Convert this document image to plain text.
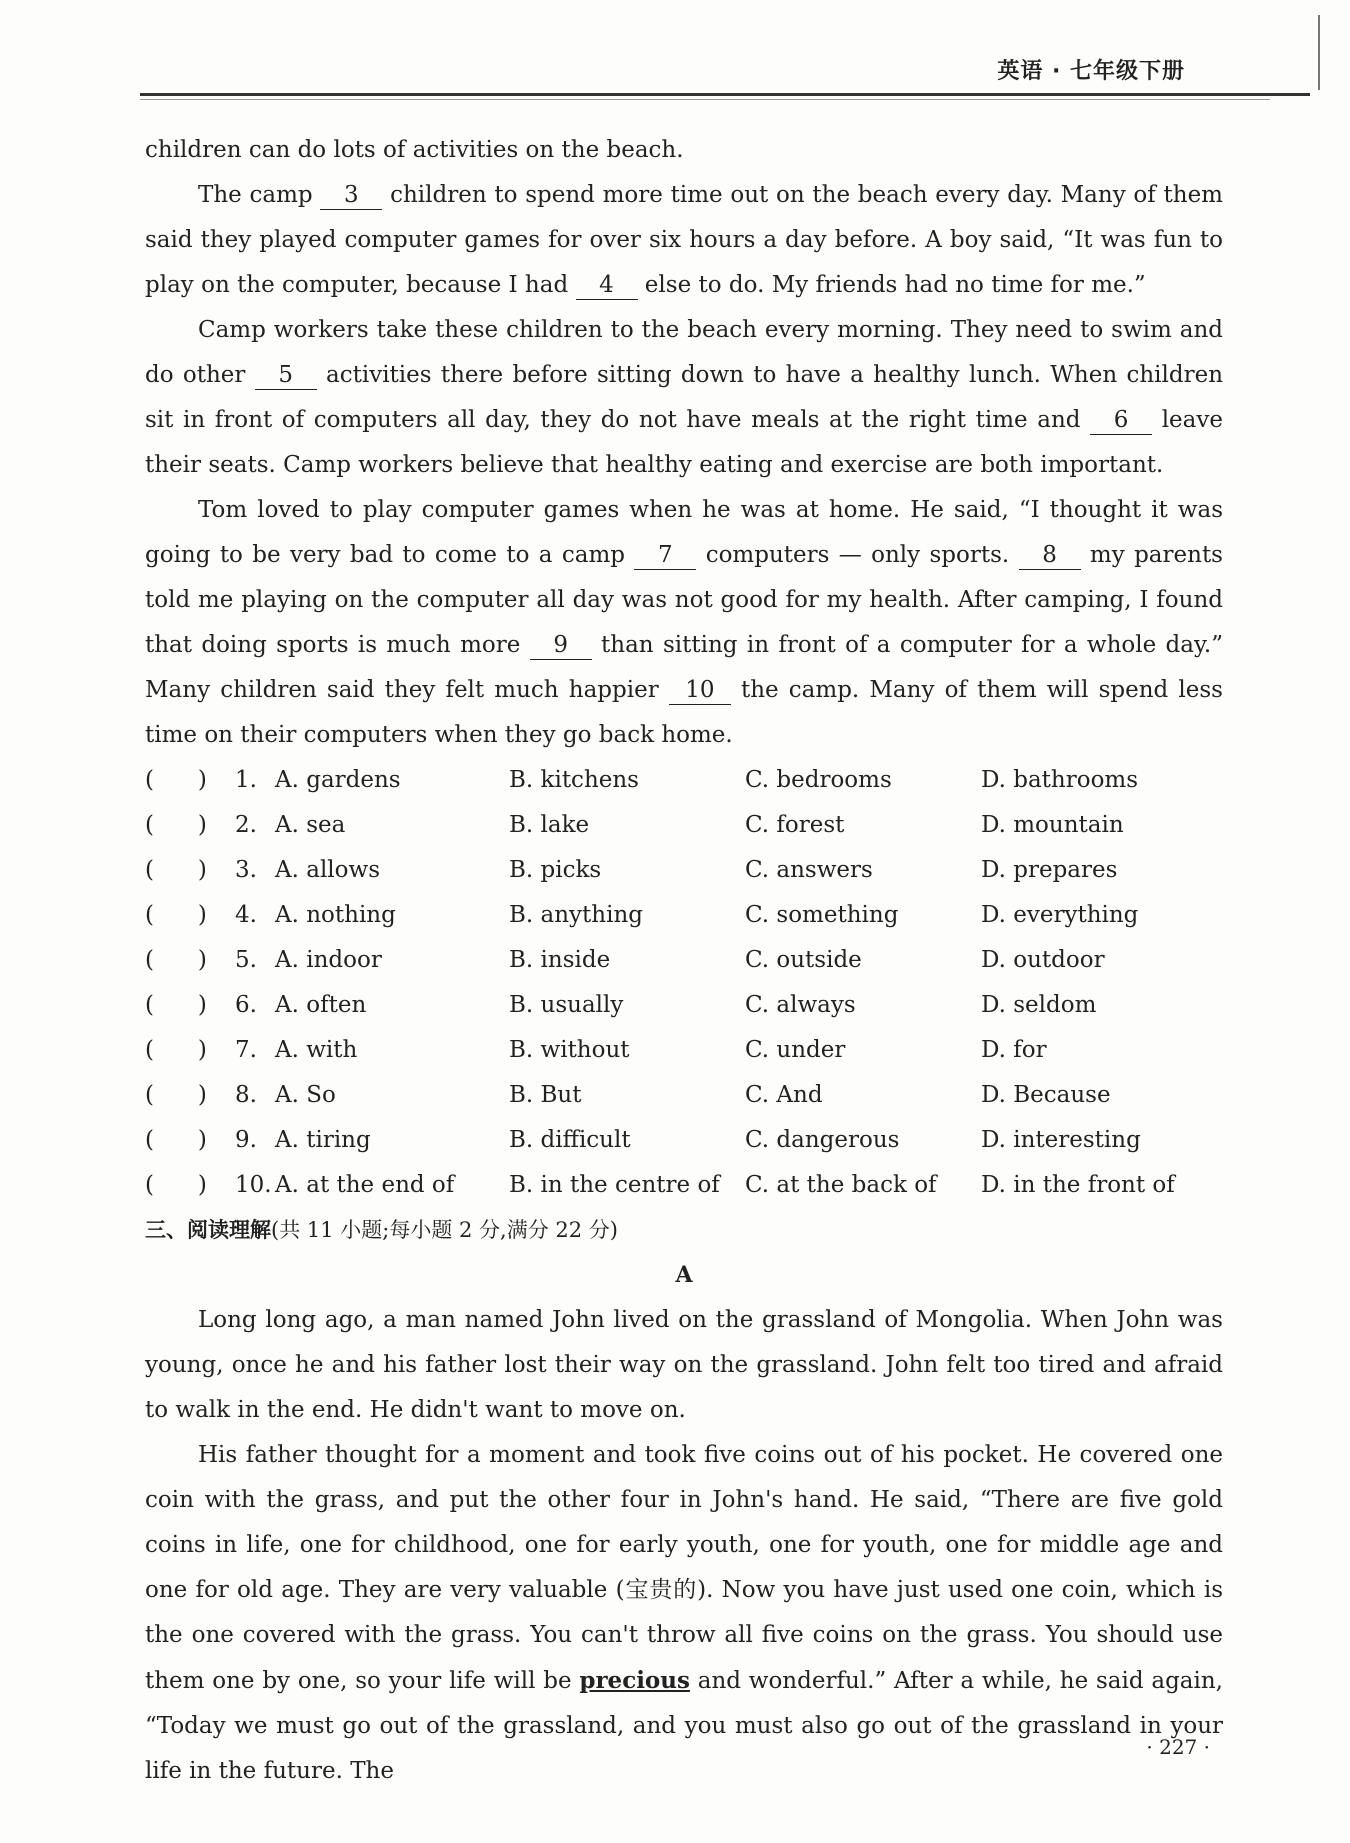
英语 · 七年级下册

children can do lots of activities on the beach.

The camp 3 children to spend more time out on the beach every day. Many of them said they played computer games for over six hours a day before. A boy said, “It was fun to play on the computer, because I had 4 else to do. My friends had no time for me.”

Camp workers take these children to the beach every morning. They need to swim and do other 5 activities there before sitting down to have a healthy lunch. When children sit in front of computers all day, they do not have meals at the right time and 6 leave their seats. Camp workers believe that healthy eating and exercise are both important.

Tom loved to play computer games when he was at home. He said, “I thought it was going to be very bad to come to a camp 7 computers — only sports. 8 my parents told me playing on the computer all day was not good for my health. After camping, I found that doing sports is much more 9 than sitting in front of a computer for a whole day.” Many children said they felt much happier 10 the camp. Many of them will spend less time on their computers when they go back home.

(      )	1. A. gardens	B. kitchens	C. bedrooms	D. bathrooms
(      )	2. A. sea	B. lake	C. forest	D. mountain
(      )	3. A. allows	B. picks	C. answers	D. prepares
(      )	4. A. nothing	B. anything	C. something	D. everything
(      )	5. A. indoor	B. inside	C. outside	D. outdoor
(      )	6. A. often	B. usually	C. always	D. seldom
(      )	7. A. with	B. without	C. under	D. for
(      )	8. A. So	B. But	C. And	D. Because
(      )	9. A. tiring	B. difficult	C. dangerous	D. interesting
(      )	10. A. at the end of	B. in the centre of	C. at the back of	D. in the front of

三、阅读理解(共 11 小题;每小题 2 分,满分 22 分)

A

Long long ago, a man named John lived on the grassland of Mongolia. When John was young, once he and his father lost their way on the grassland. John felt too tired and afraid to walk in the end. He didn't want to move on.

His father thought for a moment and took five coins out of his pocket. He covered one coin with the grass, and put the other four in John's hand. He said, “There are five gold coins in life, one for childhood, one for early youth, one for youth, one for middle age and one for old age. They are very valuable (宝贵的). Now you have just used one coin, which is the one covered with the grass. You can't throw all five coins on the grass. You should use them one by one, so your life will be precious and wonderful.” After a while, he said again, “Today we must go out of the grassland, and you must also go out of the grassland in your life in the future. The

· 227 ·
